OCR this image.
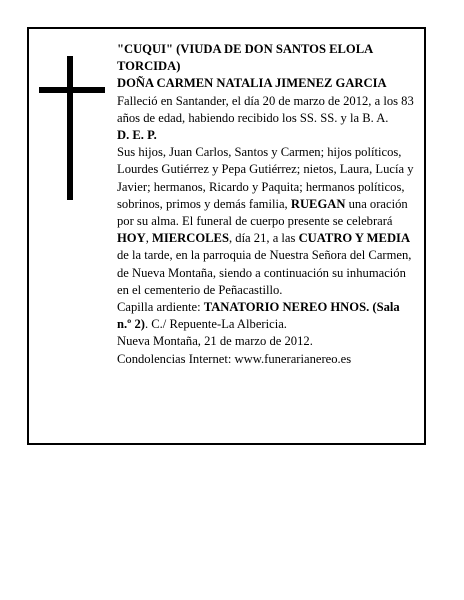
"CUQUI" (VIUDA DE DON SANTOS ELOLA TORCIDA)

DOÑA CARMEN NATALIA JIMENEZ GARCIA

Falleció en Santander, el día 20 de marzo de 2012, a los 83 años de edad, habiendo recibido los SS. SS. y la B. A.

D. E. P.

Sus hijos, Juan Carlos, Santos y Carmen; hijos políticos, Lourdes Gutiérrez y Pepa Gutiérrez; nietos, Laura, Lucía y Javier; hermanos, Ricardo y Paquita; hermanos políticos, sobrinos, primos y demás familia, RUEGAN una oración por su alma. El funeral de cuerpo presente se celebrará HOY, MIERCOLES, día 21, a las CUATRO Y MEDIA de la tarde, en la parroquia de Nuestra Señora del Carmen, de Nueva Montaña, siendo a continuación su inhumación en el cementerio de Peñacastillo.

Capilla ardiente: TANATORIO NEREO HNOS. (Sala n.º 2). C./ Repuente-La Albericia.

Nueva Montaña, 21 de marzo de 2012.

Condolencias Internet: www.funerarianereo.es
